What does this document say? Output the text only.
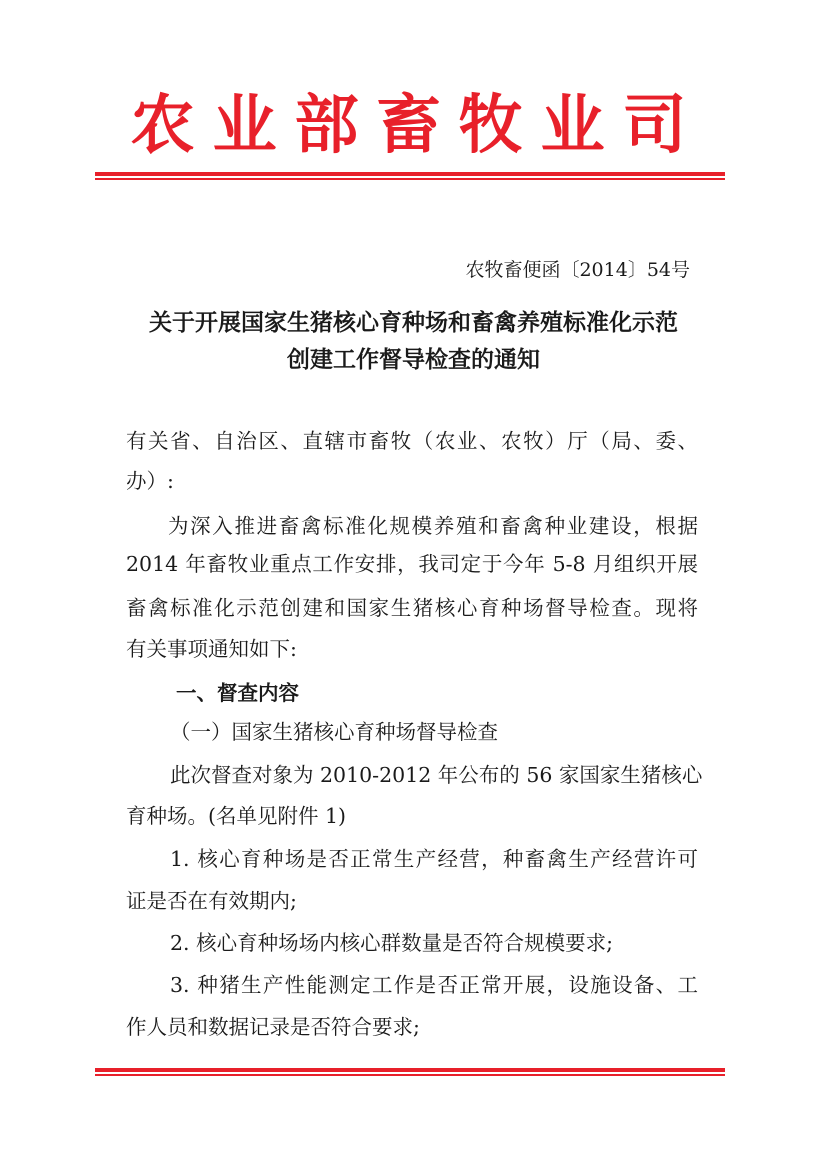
农业部畜牧业司
农牧畜便函〔2014〕54号
关于开展国家生猪核心育种场和畜禽养殖标准化示范
创建工作督导检查的通知
有关省、自治区、直辖市畜牧（农业、农牧）厅（局、委、
办）:
为深入推进畜禽标准化规模养殖和畜禽种业建设，根据
2014 年畜牧业重点工作安排，我司定于今年 5-8 月组织开展
畜禽标准化示范创建和国家生猪核心育种场督导检查。现将
有关事项通知如下:
一、督查内容
（一）国家生猪核心育种场督导检查
此次督查对象为 2010-2012 年公布的 56 家国家生猪核心
育种场。(名单见附件 1)
1. 核心育种场是否正常生产经营，种畜禽生产经营许可
证是否在有效期内;
2. 核心育种场场内核心群数量是否符合规模要求;
3. 种猪生产性能测定工作是否正常开展，设施设备、工
作人员和数据记录是否符合要求;
